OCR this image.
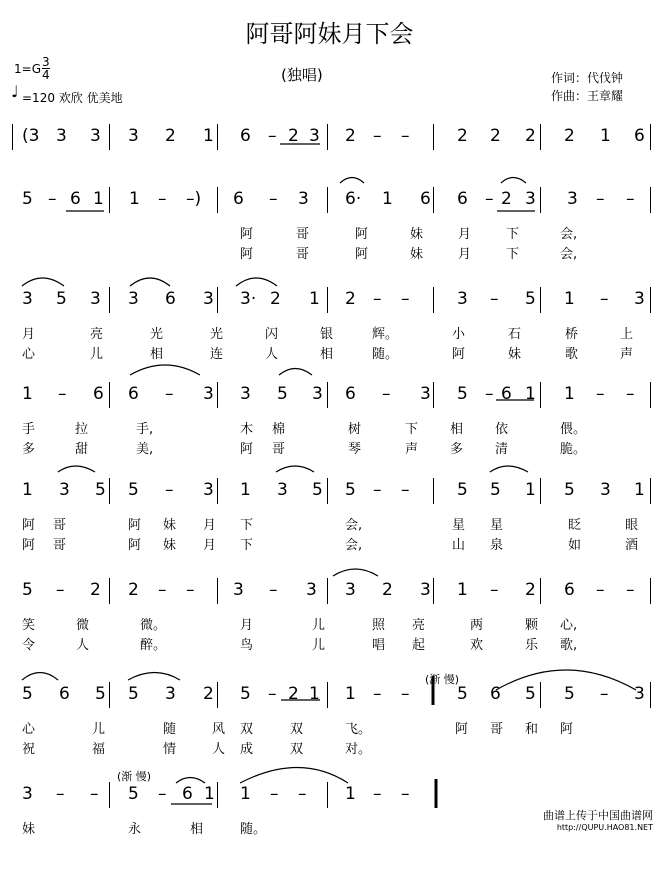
阿哥阿妹月下会
(独唱)
$1=G \frac{3}{4}$
♩ =120 欢欣 优美地
作词：代伐钟
作曲：王章耀
(3 3 3 3 2 1 6 – 2 3 2 – –	2 2 2 2 1 6
5 – 6 1 1 – –) 6 – 3 6· 1 6 6 – 2 3 3 – –
阿	哥	阿	妹	月	下	会,
阿	哥	阿	妹	月	下	会,
3 5 3 3 6 3 3· 2 1 2 – –	3 – 5 1 – 3
月	亮	光	光	闪	银	辉。	小	石	桥	上
心	儿	相	连	人	相	随。	阿	妹	歌	声
1 – 6 6 – 3 3 5 3 6 – 3 5 – 6 1 1 – –
手	拉	手,	木 棉	树	下 相 依	偎。
多	甜	美,	阿 哥	琴	声 多 清	脆。
1 3 5 5 – 3 1 3 5 5 – –	5 5 1 5 3 1
阿 哥	阿 妹 月 下	会,	星 星	眨	眼
阿 哥	阿 妹 月 下	会,	山 泉	如	酒
5 – 2 2 – – 3 – 3 3 2 3 1 – 2 6 – –
笑	微	微。	月	儿	照 亮	两	颗 心,
令	人	醉。	鸟	儿	唱 起	欢	乐 歌,
5 6 5 5 3 2 5 – 2 1 1 – –	5 6 5 5 – 3
心	儿	随	风 双	双	飞。	阿 哥 和 阿
祝	福	情	人 成	双	对。
3 – – 5 – 6 1 1 – – 1 – –
妹	永	相	随。
(渐 慢)
(渐 慢)
曲谱上传于中国曲谱网
http://QUPU.HAO81.NET
